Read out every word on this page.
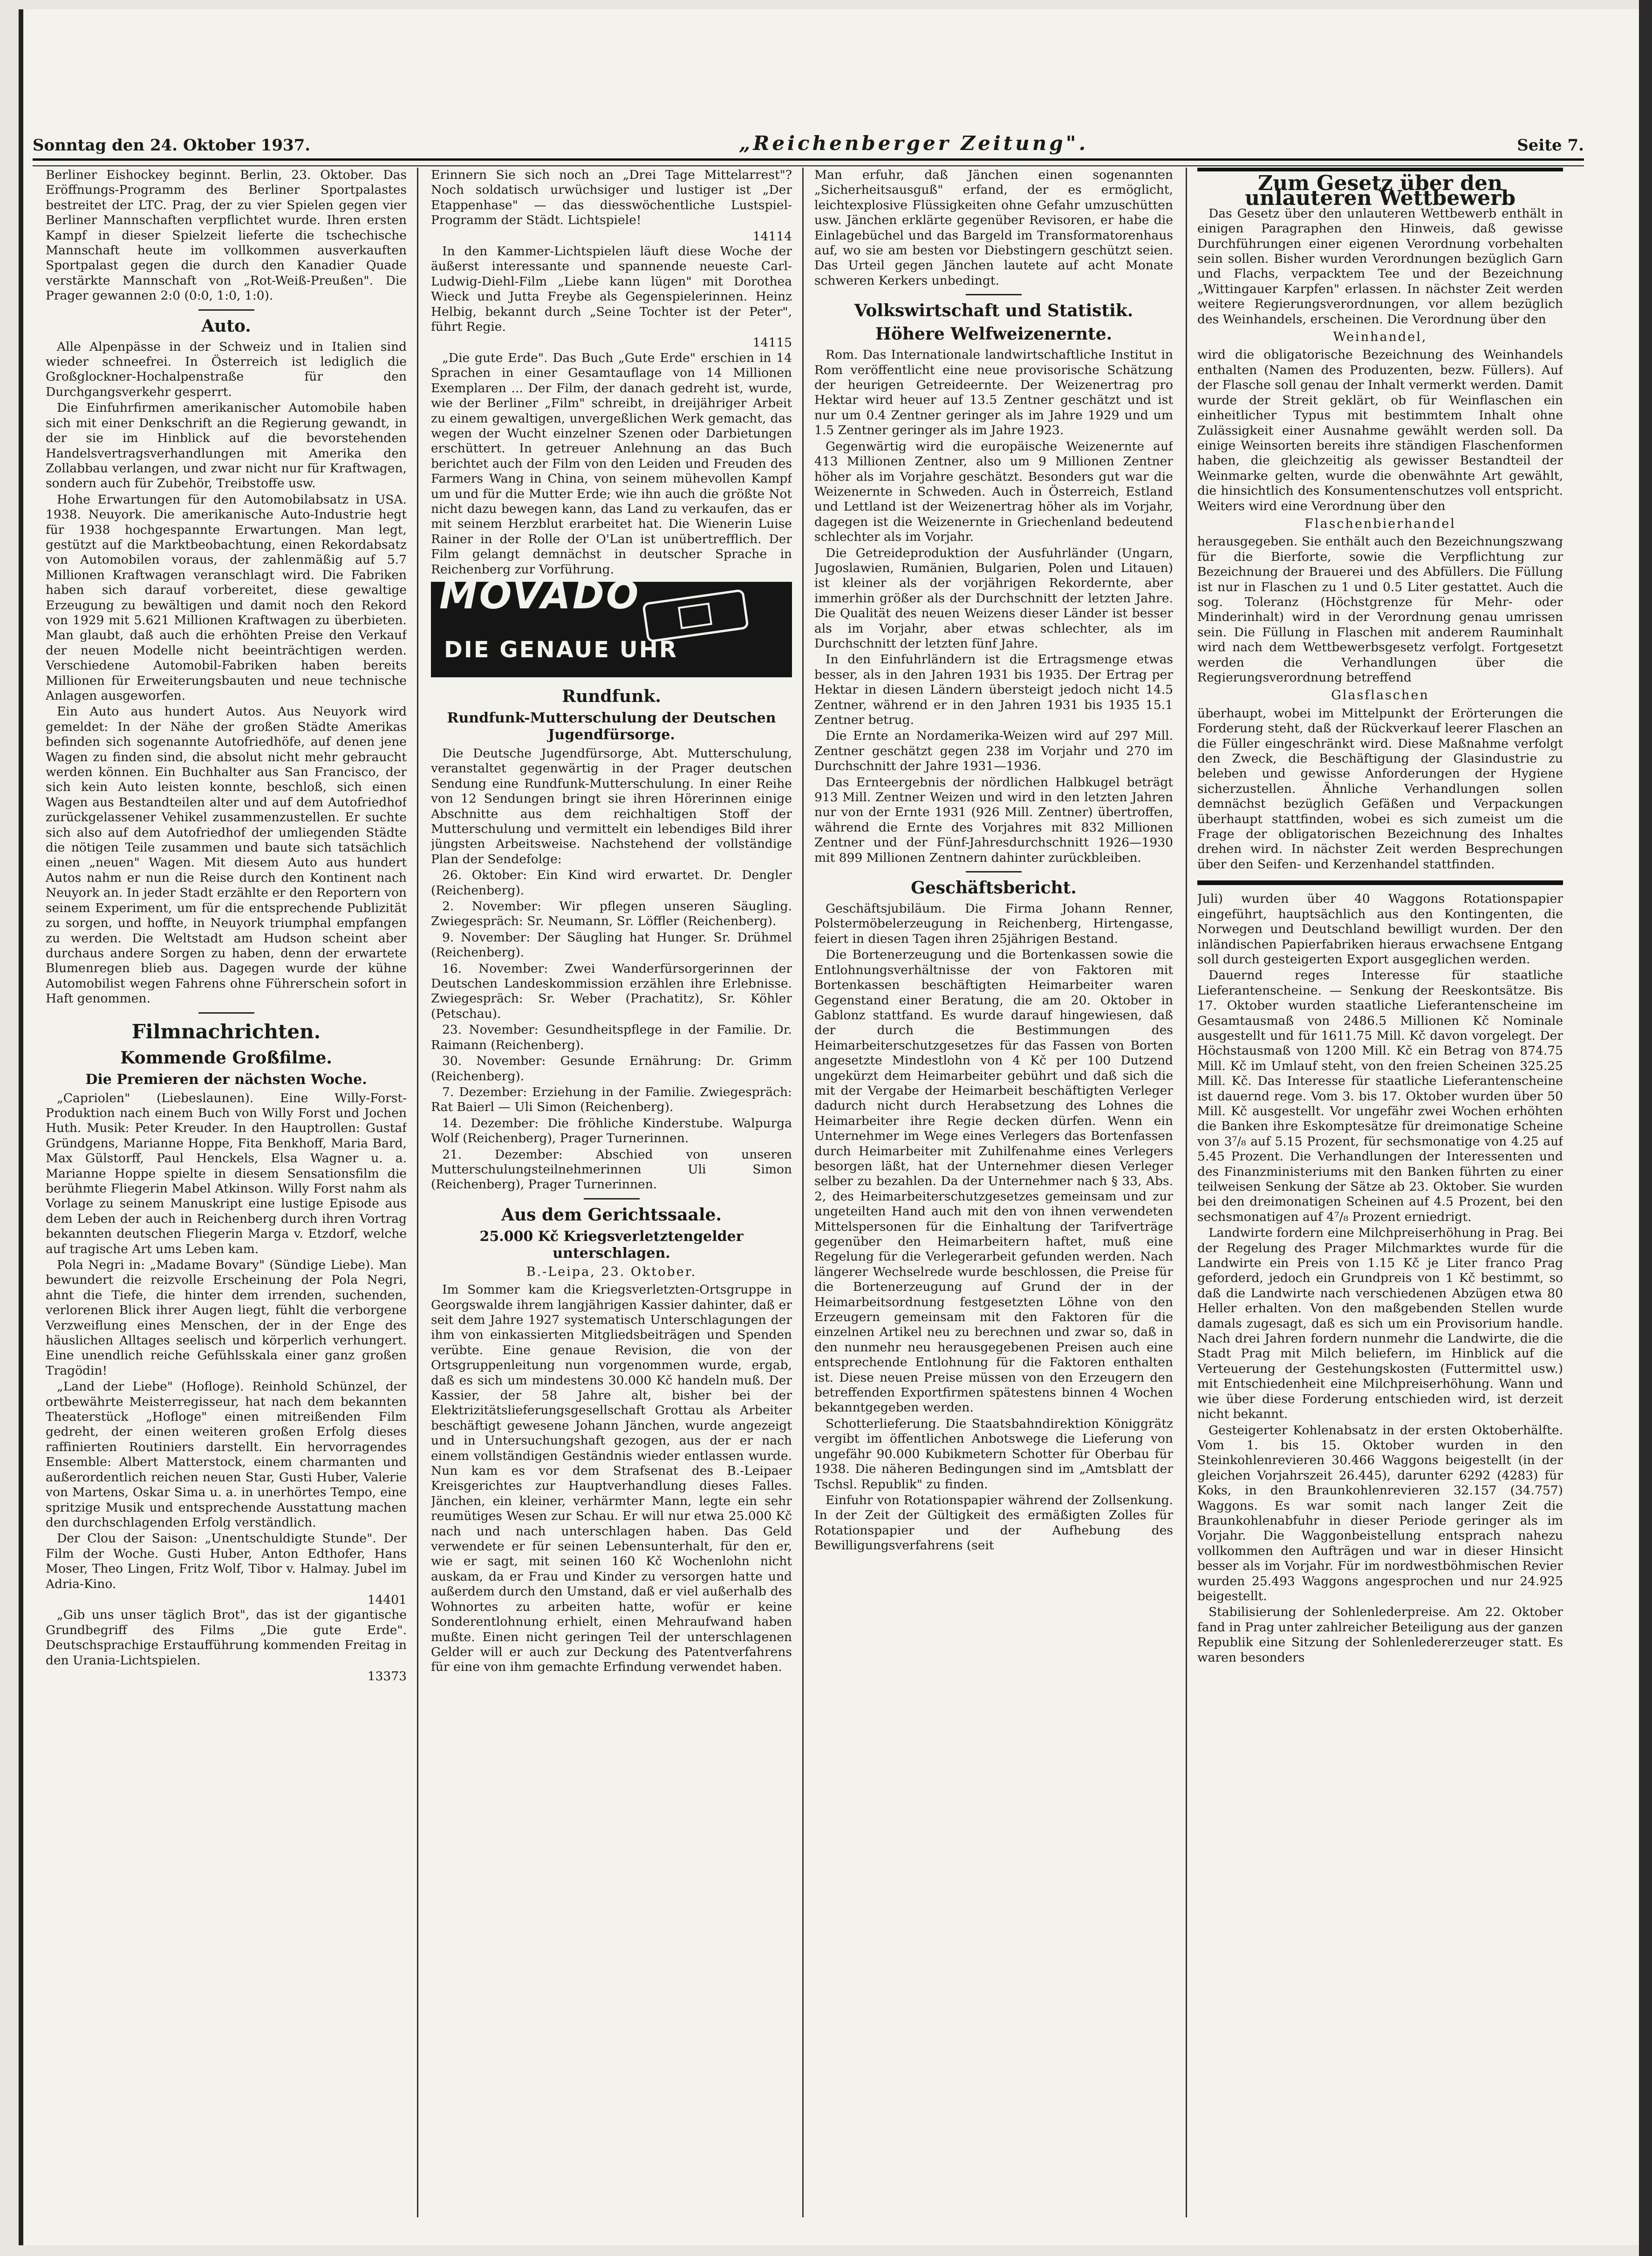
Sonntag den 24. Oktober 1937.	„Reichenberger Zeitung".	Seite 7.

Berliner Eishockey beginnt. Berlin, 23. Oktober. Das Eröffnungs-Programm des Berliner Sportpalastes bestreitet der LTC. Prag, der zu vier Spielen gegen vier Berliner Mannschaften verpflichtet wurde. Ihren ersten Kampf in dieser Spielzeit lieferte die tschechische Mannschaft heute im vollkommen ausverkauften Sportpalast gegen die durch den Kanadier Quade verstärkte Mannschaft von „Rot-Weiß-Preußen". Die Prager gewannen 2:0 (0:0, 1:0, 1:0).

Auto.

Alle Alpenpässe in der Schweiz und in Italien sind wieder schneefrei. In Österreich ist lediglich die Großglockner-Hochalpenstraße für den Durchgangsverkehr gesperrt.

Die Einfuhrfirmen amerikanischer Automobile haben sich mit einer Denkschrift an die Regierung gewandt, in der sie im Hinblick auf die bevorstehenden Handelsvertragsverhandlungen mit Amerika den Zollabbau verlangen, und zwar nicht nur für Kraftwagen, sondern auch für Zubehör, Treibstoffe usw.

Hohe Erwartungen für den Automobilabsatz in USA. 1938. Neuyork. Die amerikanische Auto-Industrie hegt für 1938 hochgespannte Erwartungen. Man legt, gestützt auf die Marktbeobachtung, einen Rekordabsatz von Automobilen voraus, der zahlenmäßig auf 5.7 Millionen Kraftwagen veranschlagt wird. Die Fabriken haben sich darauf vorbereitet, diese gewaltige Erzeugung zu bewältigen und damit noch den Rekord von 1929 mit 5.621 Millionen Kraftwagen zu überbieten. Man glaubt, daß auch die erhöhten Preise den Verkauf der neuen Modelle nicht beeinträchtigen werden. Verschiedene Automobil-Fabriken haben bereits Millionen für Erweiterungsbauten und neue technische Anlagen ausgeworfen.

Ein Auto aus hundert Autos. Aus Neuyork wird gemeldet: In der Nähe der großen Städte Amerikas befinden sich sogenannte Autofriedhöfe, auf denen jene Wagen zu finden sind, die absolut nicht mehr gebraucht werden können. Ein Buchhalter aus San Francisco, der sich kein Auto leisten konnte, beschloß, sich einen Wagen aus Bestandteilen alter und auf dem Autofriedhof zurückgelassener Vehikel zusammenzustellen. Er suchte sich also auf dem Autofriedhof der umliegenden Städte die nötigen Teile zusammen und baute sich tatsächlich einen „neuen" Wagen. Mit diesem Auto aus hundert Autos nahm er nun die Reise durch den Kontinent nach Neuyork an. In jeder Stadt erzählte er den Reportern von seinem Experiment, um für die entsprechende Publizität zu sorgen, und hoffte, in Neuyork triumphal empfangen zu werden. Die Weltstadt am Hudson scheint aber durchaus andere Sorgen zu haben, denn der erwartete Blumenregen blieb aus. Dagegen wurde der kühne Automobilist wegen Fahrens ohne Führerschein sofort in Haft genommen.

Filmnachrichten.
Kommende Großfilme.
Die Premieren der nächsten Woche.

„Capriolen" (Liebeslaunen). Eine Willy-Forst-Produktion nach einem Buch von Willy Forst und Jochen Huth. Musik: Peter Kreuder. In den Hauptrollen: Gustaf Gründgens, Marianne Hoppe, Fita Benkhoff, Maria Bard, Max Gülstorff, Paul Henckels, Elsa Wagner u. a. Marianne Hoppe spielte in diesem Sensationsfilm die berühmte Fliegerin Mabel Atkinson. Willy Forst nahm als Vorlage zu seinem Manuskript eine lustige Episode aus dem Leben der auch in Reichenberg durch ihren Vortrag bekannten deutschen Fliegerin Marga v. Etzdorf, welche auf tragische Art ums Leben kam.

Pola Negri in: „Madame Bovary" (Sündige Liebe). Man bewundert die reizvolle Erscheinung der Pola Negri, ahnt die Tiefe, die hinter dem irrenden, suchenden, verlorenen Blick ihrer Augen liegt, fühlt die verborgene Verzweiflung eines Menschen, der in der Enge des häuslichen Alltages seelisch und körperlich verhungert. Eine unendlich reiche Gefühlsskala einer ganz großen Tragödin!

„Land der Liebe" (Hofloge). Reinhold Schünzel, der ortbewährte Meisterregisseur, hat nach dem bekannten Theaterstück „Hofloge" einen mitreißenden Film gedreht, der einen weiteren großen Erfolg dieses raffinierten Routiniers darstellt. Ein hervorragendes Ensemble: Albert Matterstock, einem charmanten und außerordentlich reichen neuen Star, Gusti Huber, Valerie von Martens, Oskar Sima u. a. in unerhörtes Tempo, eine spritzige Musik und entsprechende Ausstattung machen den durchschlagenden Erfolg verständlich.

Der Clou der Saison: „Unentschuldigte Stunde". Der Film der Woche. Gusti Huber, Anton Edthofer, Hans Moser, Theo Lingen, Fritz Wolf, Tibor v. Halmay. Jubel im Adria-Kino.

14401

„Gib uns unser täglich Brot", das ist der gigantische Grundbegriff des Films „Die gute Erde". Deutschsprachige Erstaufführung kommenden Freitag in den Urania-Lichtspielen.

13373

Erinnern Sie sich noch an „Drei Tage Mittelarrest"? Noch soldatisch urwüchsiger und lustiger ist „Der Etappenhase" — das diesswöchentliche Lustspiel-Programm der Städt. Lichtspiele!

14114

In den Kammer-Lichtspielen läuft diese Woche der äußerst interessante und spannende neueste Carl-Ludwig-Diehl-Film „Liebe kann lügen" mit Dorothea Wieck und Jutta Freybe als Gegenspielerinnen. Heinz Helbig, bekannt durch „Seine Tochter ist der Peter", führt Regie.

14115

„Die gute Erde". Das Buch „Gute Erde" erschien in 14 Sprachen in einer Gesamtauflage von 14 Millionen Exemplaren ... Der Film, der danach gedreht ist, wurde, wie der Berliner „Film" schreibt, in dreijähriger Arbeit zu einem gewaltigen, unvergeßlichen Werk gemacht, das wegen der Wucht einzelner Szenen oder Darbietungen erschüttert. In getreuer Anlehnung an das Buch berichtet auch der Film von den Leiden und Freuden des Farmers Wang in China, von seinem mühevollen Kampf um und für die Mutter Erde; wie ihn auch die größte Not nicht dazu bewegen kann, das Land zu verkaufen, das er mit seinem Herzblut erarbeitet hat. Die Wienerin Luise Rainer in der Rolle der O'Lan ist unübertrefflich. Der Film gelangt demnächst in deutscher Sprache in Reichenberg zur Vorführung.

MOVADO
DIE GENAUE UHR
Rundfunk.
Rundfunk-Mutterschulung der Deutschen Jugendfürsorge.

Die Deutsche Jugendfürsorge, Abt. Mutterschulung, veranstaltet gegenwärtig in der Prager deutschen Sendung eine Rundfunk-Mutterschulung. In einer Reihe von 12 Sendungen bringt sie ihren Hörerinnen einige Abschnitte aus dem reichhaltigen Stoff der Mutterschulung und vermittelt ein lebendiges Bild ihrer jüngsten Arbeitsweise. Nachstehend der vollständige Plan der Sendefolge:

26. Oktober: Ein Kind wird erwartet. Dr. Dengler (Reichenberg).

2. November: Wir pflegen unseren Säugling. Zwiegespräch: Sr. Neumann, Sr. Löffler (Reichenberg).

9. November: Der Säugling hat Hunger. Sr. Drühmel (Reichenberg).

16. November: Zwei Wanderfürsorgerinnen der Deutschen Landeskommission erzählen ihre Erlebnisse. Zwiegespräch: Sr. Weber (Prachatitz), Sr. Köhler (Petschau).

23. November: Gesundheitspflege in der Familie. Dr. Raimann (Reichenberg).

30. November: Gesunde Ernährung: Dr. Grimm (Reichenberg).

7. Dezember: Erziehung in der Familie. Zwiegespräch: Rat Baierl — Uli Simon (Reichenberg).

14. Dezember: Die fröhliche Kinderstube. Walpurga Wolf (Reichenberg), Prager Turnerinnen.

21. Dezember: Abschied von unseren Mutterschulungsteilnehmerinnen Uli Simon (Reichenberg), Prager Turnerinnen.

Aus dem Gerichtssaale.
25.000 Kč Kriegsverletztengelder unterschlagen.
B.-Leipa, 23. Oktober.

Im Sommer kam die Kriegsverletzten-Ortsgruppe in Georgswalde ihrem langjährigen Kassier dahinter, daß er seit dem Jahre 1927 systematisch Unterschlagungen der ihm von einkassierten Mitgliedsbeiträgen und Spenden verübte. Eine genaue Revision, die von der Ortsgruppenleitung nun vorgenommen wurde, ergab, daß es sich um mindestens 30.000 Kč handeln muß. Der Kassier, der 58 Jahre alt, bisher bei der Elektrizitätslieferungsgesellschaft Grottau als Arbeiter beschäftigt gewesene Johann Jänchen, wurde angezeigt und in Untersuchungshaft gezogen, aus der er nach einem vollständigen Geständnis wieder entlassen wurde. Nun kam es vor dem Strafsenat des B.-Leipaer Kreisgerichtes zur Hauptverhandlung dieses Falles. Jänchen, ein kleiner, verhärmter Mann, legte ein sehr reumütiges Wesen zur Schau. Er will nur etwa 25.000 Kč nach und nach unterschlagen haben. Das Geld verwendete er für seinen Lebensunterhalt, für den er, wie er sagt, mit seinen 160 Kč Wochenlohn nicht auskam, da er Frau und Kinder zu versorgen hatte und außerdem durch den Umstand, daß er viel außerhalb des Wohnortes zu arbeiten hatte, wofür er keine Sonderentlohnung erhielt, einen Mehraufwand haben mußte. Einen nicht geringen Teil der unterschlagenen Gelder will er auch zur Deckung des Patentverfahrens für eine von ihm gemachte Erfindung verwendet haben.

Man erfuhr, daß Jänchen einen sogenannten „Sicherheitsausguß" erfand, der es ermöglicht, leichtexplosive Flüssigkeiten ohne Gefahr umzuschütten usw. Jänchen erklärte gegenüber Revisoren, er habe die Einlagebüchel und das Bargeld im Transformatorenhaus auf, wo sie am besten vor Diebstingern geschützt seien. Das Urteil gegen Jänchen lautete auf acht Monate schweren Kerkers unbedingt.

Volkswirtschaft und Statistik.
Höhere Welfweizenernte.

Rom. Das Internationale landwirtschaftliche Institut in Rom veröffentlicht eine neue provisorische Schätzung der heurigen Getreideernte. Der Weizenertrag pro Hektar wird heuer auf 13.5 Zentner geschätzt und ist nur um 0.4 Zentner geringer als im Jahre 1929 und um 1.5 Zentner geringer als im Jahre 1923.

Gegenwärtig wird die europäische Weizenernte auf 413 Millionen Zentner, also um 9 Millionen Zentner höher als im Vorjahre geschätzt. Besonders gut war die Weizenernte in Schweden. Auch in Österreich, Estland und Lettland ist der Weizenertrag höher als im Vorjahr, dagegen ist die Weizenernte in Griechenland bedeutend schlechter als im Vorjahr.

Die Getreideproduktion der Ausfuhrländer (Ungarn, Jugoslawien, Rumänien, Bulgarien, Polen und Litauen) ist kleiner als der vorjährigen Rekordernte, aber immerhin größer als der Durchschnitt der letzten Jahre. Die Qualität des neuen Weizens dieser Länder ist besser als im Vorjahr, aber etwas schlechter, als im Durchschnitt der letzten fünf Jahre.

In den Einfuhrländern ist die Ertragsmenge etwas besser, als in den Jahren 1931 bis 1935. Der Ertrag per Hektar in diesen Ländern übersteigt jedoch nicht 14.5 Zentner, während er in den Jahren 1931 bis 1935 15.1 Zentner betrug.

Die Ernte an Nordamerika-Weizen wird auf 297 Mill. Zentner geschätzt gegen 238 im Vorjahr und 270 im Durchschnitt der Jahre 1931—1936.

Das Ernteergebnis der nördlichen Halbkugel beträgt 913 Mill. Zentner Weizen und wird in den letzten Jahren nur von der Ernte 1931 (926 Mill. Zentner) übertroffen, während die Ernte des Vorjahres mit 832 Millionen Zentner und der Fünf-Jahresdurchschnitt 1926—1930 mit 899 Millionen Zentnern dahinter zurückbleiben.

Geschäftsbericht.

Geschäftsjubiläum. Die Firma Johann Renner, Polstermöbelerzeugung in Reichenberg, Hirtengasse, feiert in diesen Tagen ihren 25jährigen Bestand.

Die Bortenerzeugung und die Bortenkassen sowie die Entlohnungsverhältnisse der von Faktoren mit Bortenkassen beschäftigten Heimarbeiter waren Gegenstand einer Beratung, die am 20. Oktober in Gablonz stattfand. Es wurde darauf hingewiesen, daß der durch die Bestimmungen des Heimarbeiterschutzgesetzes für das Fassen von Borten angesetzte Mindestlohn von 4 Kč per 100 Dutzend ungekürzt dem Heimarbeiter gebührt und daß sich die mit der Vergabe der Heimarbeit beschäftigten Verleger dadurch nicht durch Herabsetzung des Lohnes die Heimarbeiter ihre Regie decken dürfen. Wenn ein Unternehmer im Wege eines Verlegers das Bortenfassen durch Heimarbeiter mit Zuhilfenahme eines Verlegers besorgen läßt, hat der Unternehmer diesen Verleger selber zu bezahlen. Da der Unternehmer nach § 33, Abs. 2, des Heimarbeiterschutzgesetzes gemeinsam und zur ungeteilten Hand auch mit den von ihnen verwendeten Mittelspersonen für die Einhaltung der Tarifverträge gegenüber den Heimarbeitern haftet, muß eine Regelung für die Verlegerarbeit gefunden werden. Nach längerer Wechselrede wurde beschlossen, die Preise für die Bortenerzeugung auf Grund der in der Heimarbeitsordnung festgesetzten Löhne von den Erzeugern gemeinsam mit den Faktoren für die einzelnen Artikel neu zu berechnen und zwar so, daß in den nunmehr neu herausgegebenen Preisen auch eine entsprechende Entlohnung für die Faktoren enthalten ist. Diese neuen Preise müssen von den Erzeugern den betreffenden Exportfirmen spätestens binnen 4 Wochen bekanntgegeben werden.

Schotterlieferung. Die Staatsbahndirektion Königgrätz vergibt im öffentlichen Anbotswege die Lieferung von ungefähr 90.000 Kubikmetern Schotter für Oberbau für 1938. Die näheren Bedingungen sind im „Amtsblatt der Tschsl. Republik" zu finden.

Einfuhr von Rotationspapier während der Zollsenkung. In der Zeit der Gültigkeit des ermäßigten Zolles für Rotationspapier und der Aufhebung des Bewilligungsverfahrens (seit

Zum Gesetz über den unlauteren Wettbewerb

Das Gesetz über den unlauteren Wettbewerb enthält in einigen Paragraphen den Hinweis, daß gewisse Durchführungen einer eigenen Verordnung vorbehalten sein sollen. Bisher wurden Verordnungen bezüglich Garn und Flachs, verpacktem Tee und der Bezeichnung „Wittingauer Karpfen" erlassen. In nächster Zeit werden weitere Regierungsverordnungen, vor allem bezüglich des Weinhandels, erscheinen. Die Verordnung über den

Weinhandel,

wird die obligatorische Bezeichnung des Weinhandels enthalten (Namen des Produzenten, bezw. Füllers). Auf der Flasche soll genau der Inhalt vermerkt werden. Damit wurde der Streit geklärt, ob für Weinflaschen ein einheitlicher Typus mit bestimmtem Inhalt ohne Zulässigkeit einer Ausnahme gewählt werden soll. Da einige Weinsorten bereits ihre ständigen Flaschenformen haben, die gleichzeitig als gewisser Bestandteil der Weinmarke gelten, wurde die obenwähnte Art gewählt, die hinsichtlich des Konsumentenschutzes voll entspricht. Weiters wird eine Verordnung über den

Flaschenbierhandel

herausgegeben. Sie enthält auch den Bezeichnungszwang für die Bierforte, sowie die Verpflichtung zur Bezeichnung der Brauerei und des Abfüllers. Die Füllung ist nur in Flaschen zu 1 und 0.5 Liter gestattet. Auch die sog. Toleranz (Höchstgrenze für Mehr- oder Minderinhalt) wird in der Verordnung genau umrissen sein. Die Füllung in Flaschen mit anderem Rauminhalt wird nach dem Wettbewerbsgesetz verfolgt. Fortgesetzt werden die Verhandlungen über die Regierungsverordnung betreffend

Glasflaschen

überhaupt, wobei im Mittelpunkt der Erörterungen die Forderung steht, daß der Rückverkauf leerer Flaschen an die Füller eingeschränkt wird. Diese Maßnahme verfolgt den Zweck, die Beschäftigung der Glasindustrie zu beleben und gewisse Anforderungen der Hygiene sicherzustellen. Ähnliche Verhandlungen sollen demnächst bezüglich Gefäßen und Verpackungen überhaupt stattfinden, wobei es sich zumeist um die Frage der obligatorischen Bezeichnung des Inhaltes drehen wird. In nächster Zeit werden Besprechungen über den Seifen- und Kerzenhandel stattfinden.

Juli) wurden über 40 Waggons Rotationspapier eingeführt, hauptsächlich aus den Kontingenten, die Norwegen und Deutschland bewilligt wurden. Der den inländischen Papierfabriken hieraus erwachsene Entgang soll durch gesteigerten Export ausgeglichen werden.

Dauernd reges Interesse für staatliche Lieferantenscheine. — Senkung der Reeskontsätze. Bis 17. Oktober wurden staatliche Lieferantenscheine im Gesamtausmaß von 2486.5 Millionen Kč Nominale ausgestellt und für 1611.75 Mill. Kč davon vorgelegt. Der Höchstausmaß von 1200 Mill. Kč ein Betrag von 874.75 Mill. Kč im Umlauf steht, von den freien Scheinen 325.25 Mill. Kč. Das Interesse für staatliche Lieferantenscheine ist dauernd rege. Vom 3. bis 17. Oktober wurden über 50 Mill. Kč ausgestellt. Vor ungefähr zwei Wochen erhöhten die Banken ihre Eskomptesätze für dreimonatige Scheine von 3⁷/₈ auf 5.15 Prozent, für sechsmonatige von 4.25 auf 5.45 Prozent. Die Verhandlungen der Interessenten und des Finanzministeriums mit den Banken führten zu einer teilweisen Senkung der Sätze ab 23. Oktober. Sie wurden bei den dreimonatigen Scheinen auf 4.5 Prozent, bei den sechsmonatigen auf 4⁷/₈ Prozent erniedrigt.

Landwirte fordern eine Milchpreiserhöhung in Prag. Bei der Regelung des Prager Milchmarktes wurde für die Landwirte ein Preis von 1.15 Kč je Liter franco Prag geforderd, jedoch ein Grundpreis von 1 Kč bestimmt, so daß die Landwirte nach verschiedenen Abzügen etwa 80 Heller erhalten. Von den maßgebenden Stellen wurde damals zugesagt, daß es sich um ein Provisorium handle. Nach drei Jahren fordern nunmehr die Landwirte, die die Stadt Prag mit Milch beliefern, im Hinblick auf die Verteuerung der Gestehungskosten (Futtermittel usw.) mit Entschiedenheit eine Milchpreiserhöhung. Wann und wie über diese Forderung entschieden wird, ist derzeit nicht bekannt.

Gesteigerter Kohlenabsatz in der ersten Oktoberhälfte. Vom 1. bis 15. Oktober wurden in den Steinkohlenrevieren 30.466 Waggons beigestellt (in der gleichen Vorjahrszeit 26.445), darunter 6292 (4283) für Koks, in den Braunkohlenrevieren 32.157 (34.757) Waggons. Es war somit nach langer Zeit die Braunkohlenabfuhr in dieser Periode geringer als im Vorjahr. Die Waggonbeistellung entsprach nahezu vollkommen den Aufträgen und war in dieser Hinsicht besser als im Vorjahr. Für im nordwestböhmischen Revier wurden 25.493 Waggons angesprochen und nur 24.925 beigestellt.

Stabilisierung der Sohlenlederpreise. Am 22. Oktober fand in Prag unter zahlreicher Beteiligung aus der ganzen Republik eine Sitzung der Sohlenledererzeuger statt. Es waren besonders
